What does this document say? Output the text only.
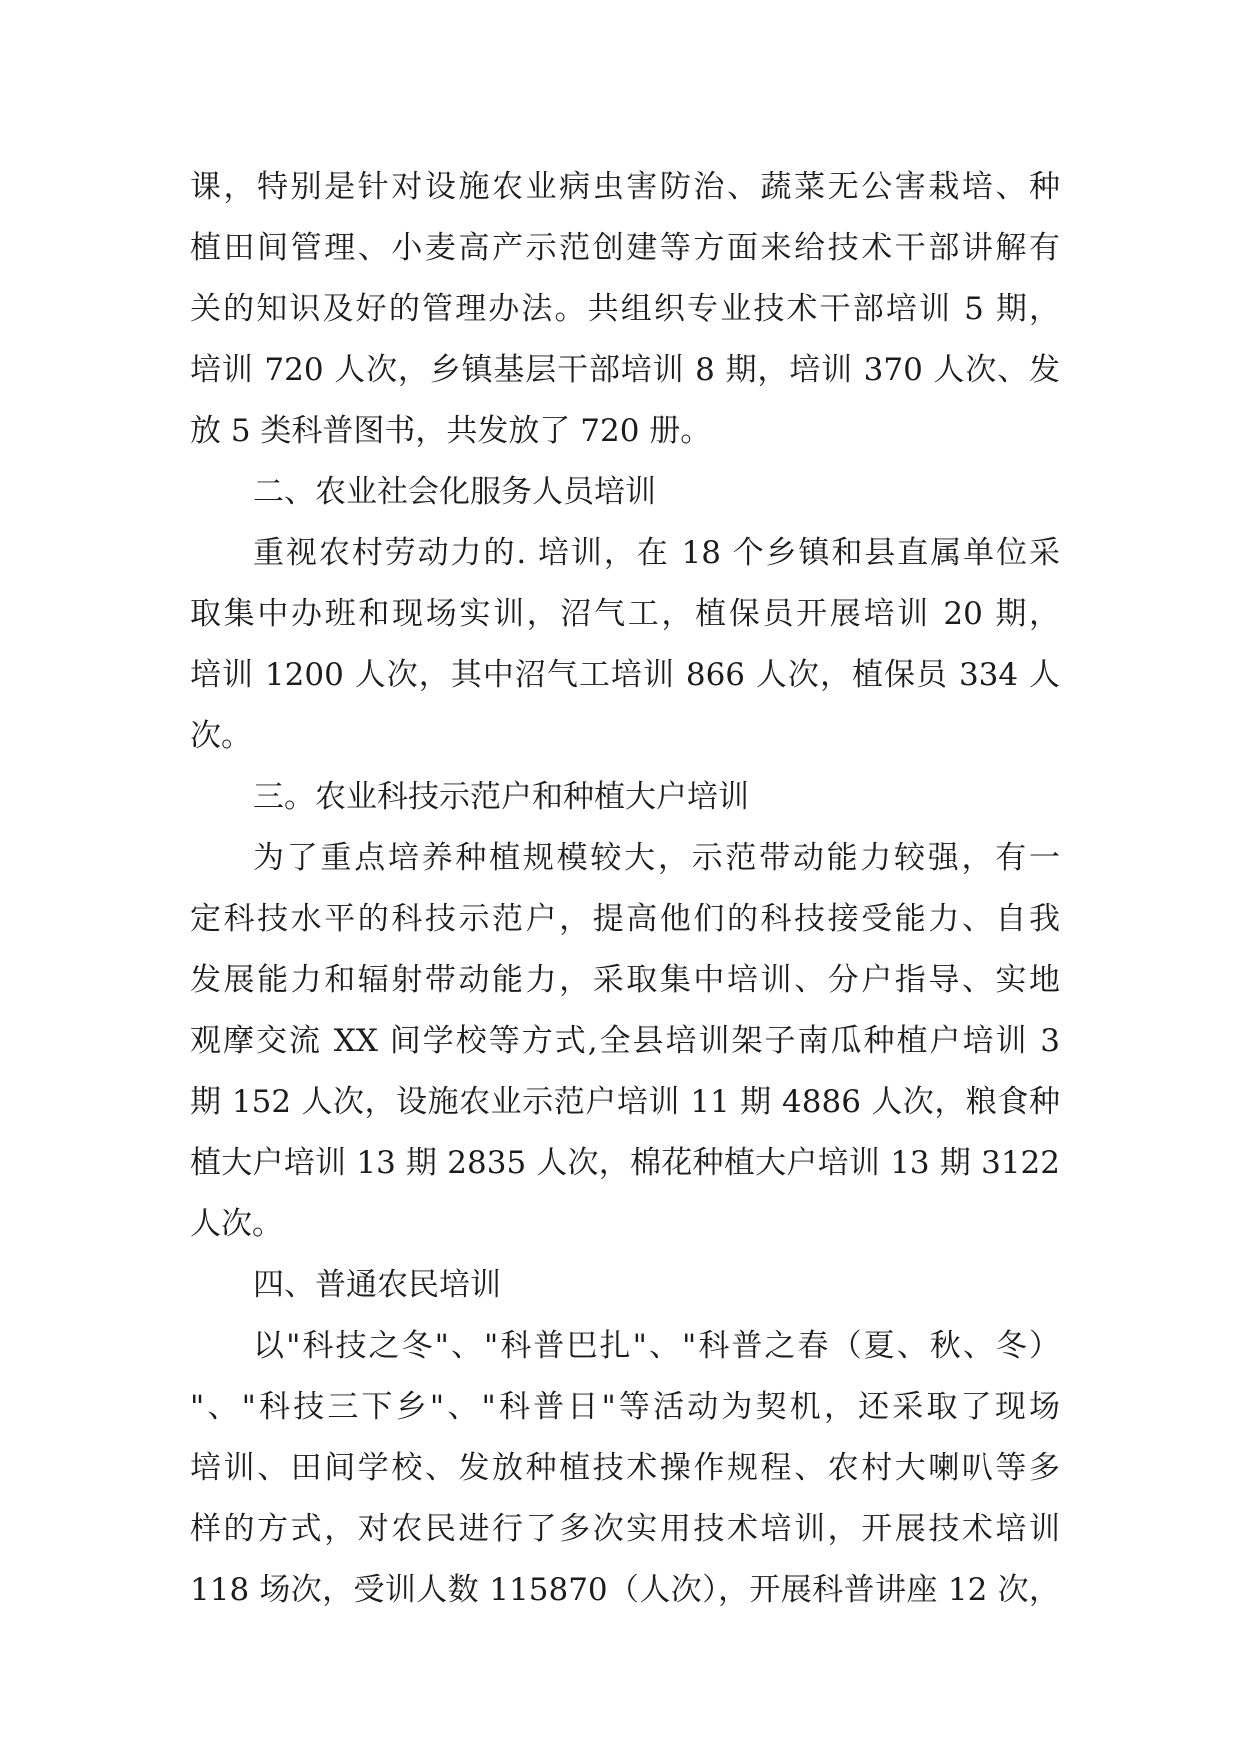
课，特别是针对设施农业病虫害防治、蔬菜无公害栽培、种
植田间管理、小麦高产示范创建等方面来给技术干部讲解有
关的知识及好的管理办法。共组织专业技术干部培训 5 期，
培训 720 人次，乡镇基层干部培训 8 期，培训 370 人次、发
放 5 类科普图书，共发放了 720 册。
二、农业社会化服务人员培训
重视农村劳动力的. 培训，在 18 个乡镇和县直属单位采
取集中办班和现场实训，沼气工，植保员开展培训 20 期，
培训 1200 人次，其中沼气工培训 866 人次，植保员 334 人
次。
三。农业科技示范户和种植大户培训
为了重点培养种植规模较大，示范带动能力较强，有一
定科技水平的科技示范户，提高他们的科技接受能力、自我
发展能力和辐射带动能力，采取集中培训、分户指导、实地
观摩交流 XX 间学校等方式,全县培训架子南瓜种植户培训 3
期 152 人次，设施农业示范户培训 11 期 4886 人次，粮食种
植大户培训 13 期 2835 人次，棉花种植大户培训 13 期 3122
人次。
四、普通农民培训
以"科技之冬"、"科普巴扎"、"科普之春（夏、秋、冬）
"、"科技三下乡"、"科普日"等活动为契机，还采取了现场
培训、田间学校、发放种植技术操作规程、农村大喇叭等多
样的方式，对农民进行了多次实用技术培训，开展技术培训
118 场次，受训人数 115870（人次），开展科普讲座 12 次，
